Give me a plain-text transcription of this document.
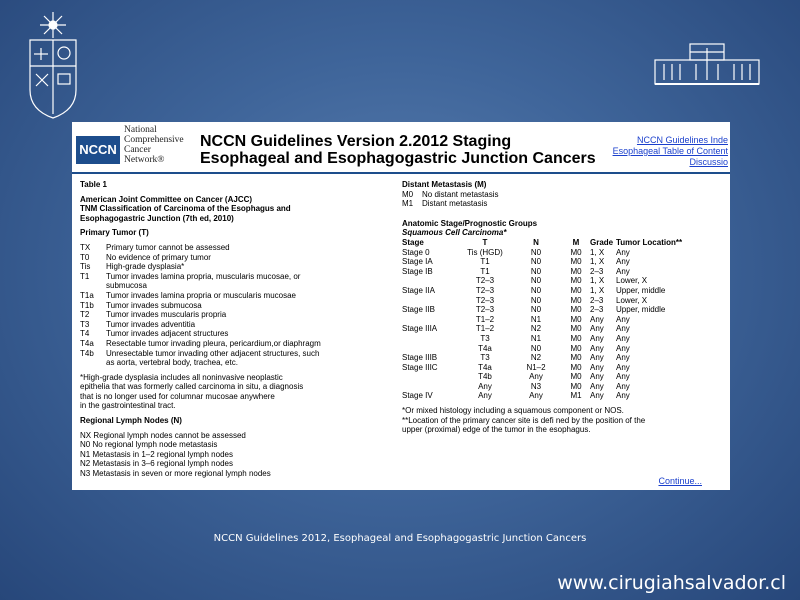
NCCN
National
Comprehensive
Cancer
Network®
NCCN Guidelines Version 2.2012 Staging
Esophageal and Esophagogastric Junction Cancers
NCCN Guidelines Inde
Esophageal Table of Content
Discussio
Table 1
American Joint Committee on Cancer (AJCC)
TNM Classification of Carcinoma of the Esophagus and
Esophagogastric Junction (7th ed, 2010)
Primary Tumor (T)
TX	Primary tumor cannot be assessed
T0	No evidence of primary tumor
Tis	High-grade dysplasia*
T1	Tumor invades lamina propria, muscularis mucosae, or
submucosa
T1a	Tumor invades lamina propria or muscularis mucosae
T1b	Tumor invades submucosa
T2	Tumor invades muscularis propria
T3	Tumor invades adventitia
T4	Tumor invades adjacent structures
T4a	Resectable tumor invading pleura, pericardium,or diaphragm
T4b	Unresectable tumor invading other adjacent structures, such
as aorta, vertebral body, trachea, etc.
*High-grade dysplasia includes all noninvasive neoplastic
epithelia that was formerly called carcinoma in situ, a diagnosis
that is no longer used for columnar mucosae anywhere
in the gastrointestinal tract.
Regional Lymph Nodes (N)
NX Regional lymph nodes cannot be assessed
N0 No regional lymph node metastasis
N1 Metastasis in 1–2 regional lymph nodes
N2 Metastasis in 3–6 regional lymph nodes
N3 Metastasis in seven or more regional lymph nodes
Distant Metastasis (M)
M0	No distant metastasis
M1	Distant metastasis
Anatomic Stage/Prognostic Groups
Squamous Cell Carcinoma*
Stage	T	N	M	Grade	Tumor Location**
Stage 0	Tis (HGD)	N0	M0	1, X	Any
Stage IA	T1	N0	M0	1, X	Any
Stage IB	T1	N0	M0	2–3	Any
	T2–3	N0	M0	1, X	Lower, X
Stage IIA	T2–3	N0	M0	1, X	Upper, middle
	T2–3	N0	M0	2–3	Lower, X
Stage IIB	T2–3	N0	M0	2–3	Upper, middle
	T1–2	N1	M0	Any	Any
Stage IIIA	T1–2	N2	M0	Any	Any
	T3	N1	M0	Any	Any
	T4a	N0	M0	Any	Any
Stage IIIB	T3	N2	M0	Any	Any
Stage IIIC	T4a	N1–2	M0	Any	Any
	T4b	Any	M0	Any	Any
	Any	N3	M0	Any	Any
Stage IV	Any	Any	M1	Any	Any
*Or mixed histology including a squamous component or NOS.
**Location of the primary cancer site is defi ned by the position of the
upper (proximal) edge of the tumor in the esophagus.
Continue...
NCCN Guidelines 2012, Esophageal and Esophagogastric Junction Cancers
www.cirugiahsalvador.cl
